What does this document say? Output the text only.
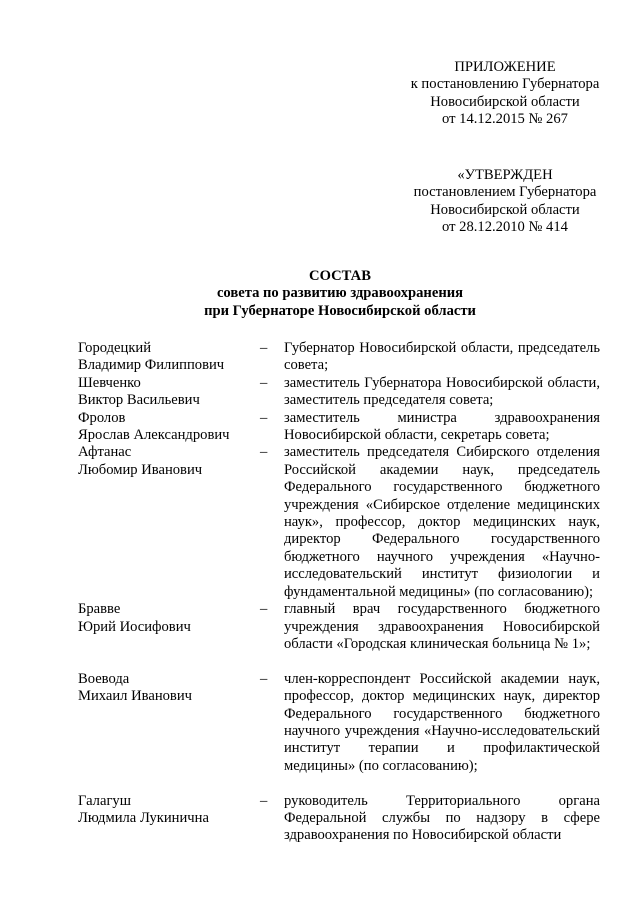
ПРИЛОЖЕНИЕ
к постановлению Губернатора
Новосибирской области
от 14.12.2015 № 267
«УТВЕРЖДЕН
постановлением Губернатора
Новосибирской области
от 28.12.2010 № 414
СОСТАВ
совета по развитию здравоохранения
при Губернаторе Новосибирской области
Городецкий
Владимир Филиппович
–	Губернатор Новосибирской области, председатель совета;
Шевченко
Виктор Васильевич
–	заместитель Губернатора Новосибирской области, заместитель председателя совета;
Фролов
Ярослав Александрович
–	заместитель министра здравоохранения Новосибирской области, секретарь совета;
Афтанас
Любомир Иванович
–	заместитель председателя Сибирского отделения Российской академии наук, председатель Федерального государственного бюджетного учреждения «Сибирское отделение медицинских наук», профессор, доктор медицинских наук, директор Федерального государственного бюджетного научного учреждения «Научно-исследовательский институт физиологии и фундаментальной медицины» (по согласованию);
Бравве
Юрий Иосифович
–	главный врач государственного бюджетного учреждения здравоохранения Новосибирской области «Городская клиническая больница № 1»;
Воевода
Михаил Иванович
–	член-корреспондент Российской академии наук, профессор, доктор медицинских наук, директор Федерального государственного бюджетного научного учреждения «Научно-исследовательский институт терапии и профилактической медицины» (по согласованию);
Галагуш
Людмила Лукинична
–	руководитель Территориального органа Федеральной службы по надзору в сфере здравоохранения по Новосибирской области
